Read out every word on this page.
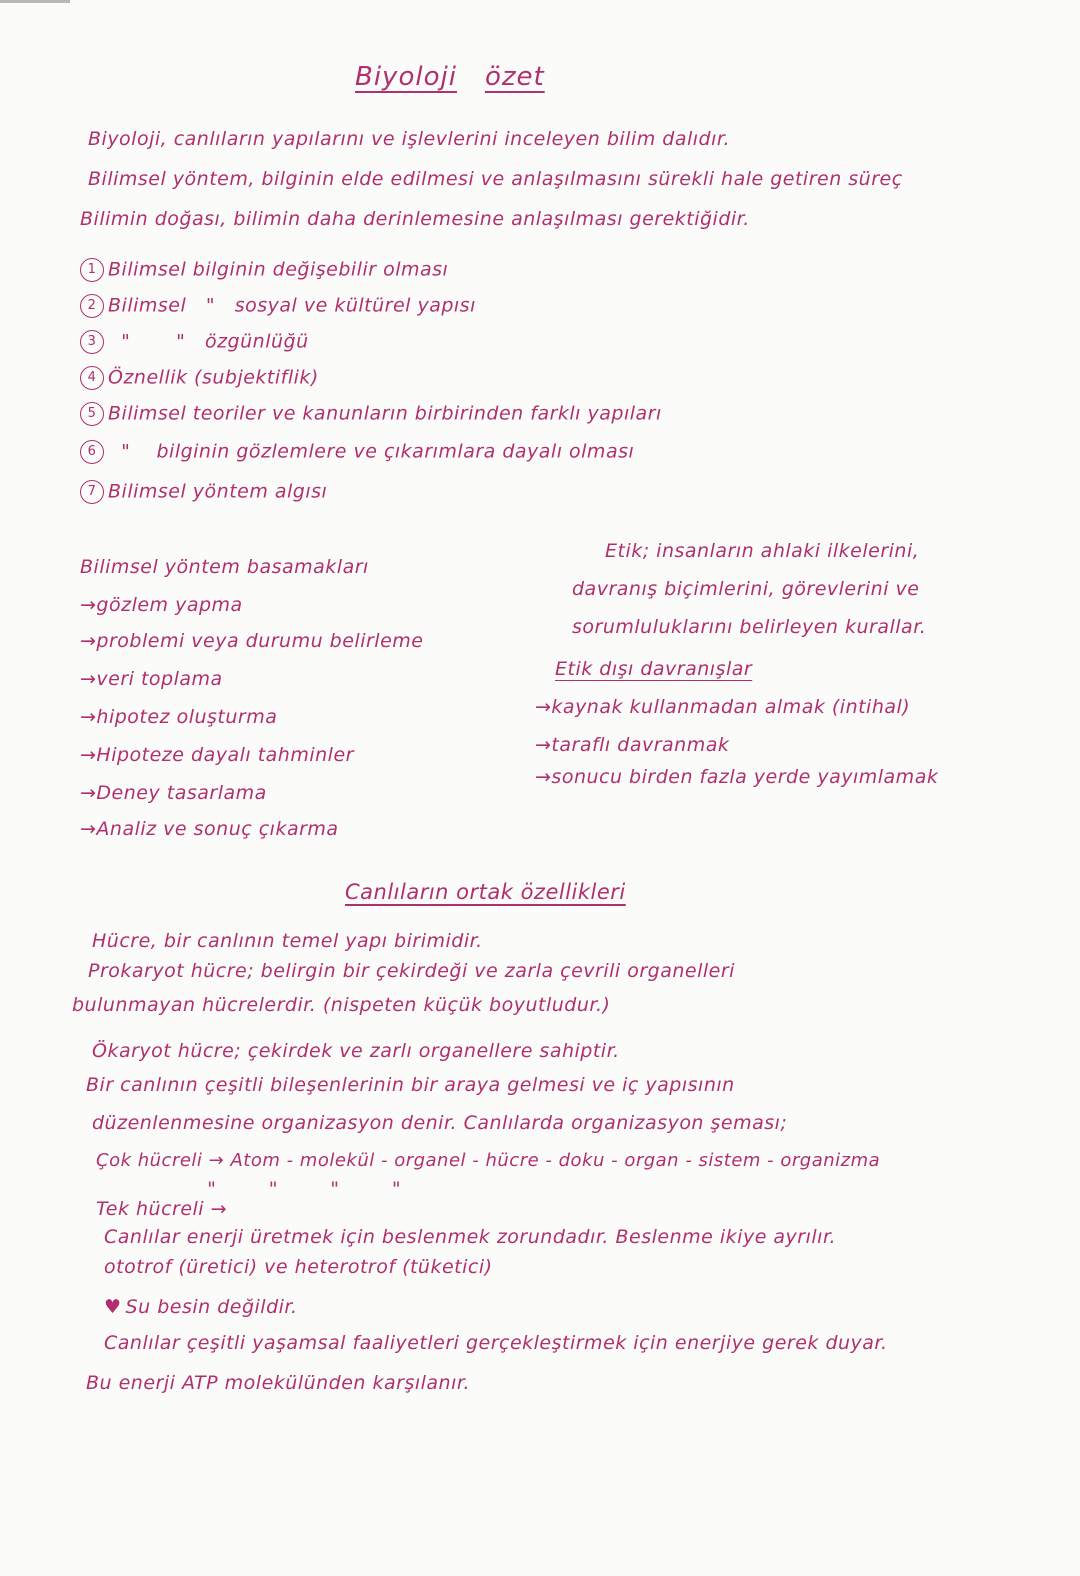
Biyoloji özet
Biyoloji, canlıların yapılarını ve işlevlerini inceleyen bilim dalıdır.
Bilimsel yöntem, bilginin elde edilmesi ve anlaşılmasını sürekli hale getiren süreç
Bilimin doğası, bilimin daha derinlemesine anlaşılması gerektiğidir.
1 Bilimsel bilginin değişebilir olması
2 Bilimsel   "   sosyal ve kültürel yapısı
3  "       "   özgünlüğü
4 Öznellik (subjektiflik)
5 Bilimsel teoriler ve kanunların birbirinden farklı yapıları
6  "    bilginin gözlemlere ve çıkarımlara dayalı olması
7 Bilimsel yöntem algısı
Bilimsel yöntem basamakları
→gözlem yapma
→problemi veya durumu belirleme
→veri toplama
→hipotez oluşturma
→Hipoteze dayalı tahminler
→Deney tasarlama
→Analiz ve sonuç çıkarma
Etik; insanların ahlaki ilkelerini,
davranış biçimlerini, görevlerini ve
sorumluluklarını belirleyen kurallar.
Etik dışı davranışlar
→kaynak kullanmadan almak (intihal)
→taraflı davranmak
→sonucu birden fazla yerde yayımlamak
Canlıların ortak özellikleri
Hücre, bir canlının temel yapı birimidir.
Prokaryot hücre; belirgin bir çekirdeği ve zarla çevrili organelleri
bulunmayan hücrelerdir. (nispeten küçük boyutludur.)
Ökaryot hücre; çekirdek ve zarlı organellere sahiptir.
Bir canlının çeşitli bileşenlerinin bir araya gelmesi ve iç yapısının
düzenlenmesine organizasyon denir. Canlılarda organizasyon şeması;
Çok hücreli → Atom - molekül - organel - hücre - doku - organ - sistem - organizma
"        "        "        "
Tek hücreli →
Canlılar enerji üretmek için beslenmek zorundadır. Beslenme ikiye ayrılır.
ototrof (üretici) ve heterotrof (tüketici)
♥ Su besin değildir.
Canlılar çeşitli yaşamsal faaliyetleri gerçekleştirmek için enerjiye gerek duyar.
Bu enerji ATP molekülünden karşılanır.
